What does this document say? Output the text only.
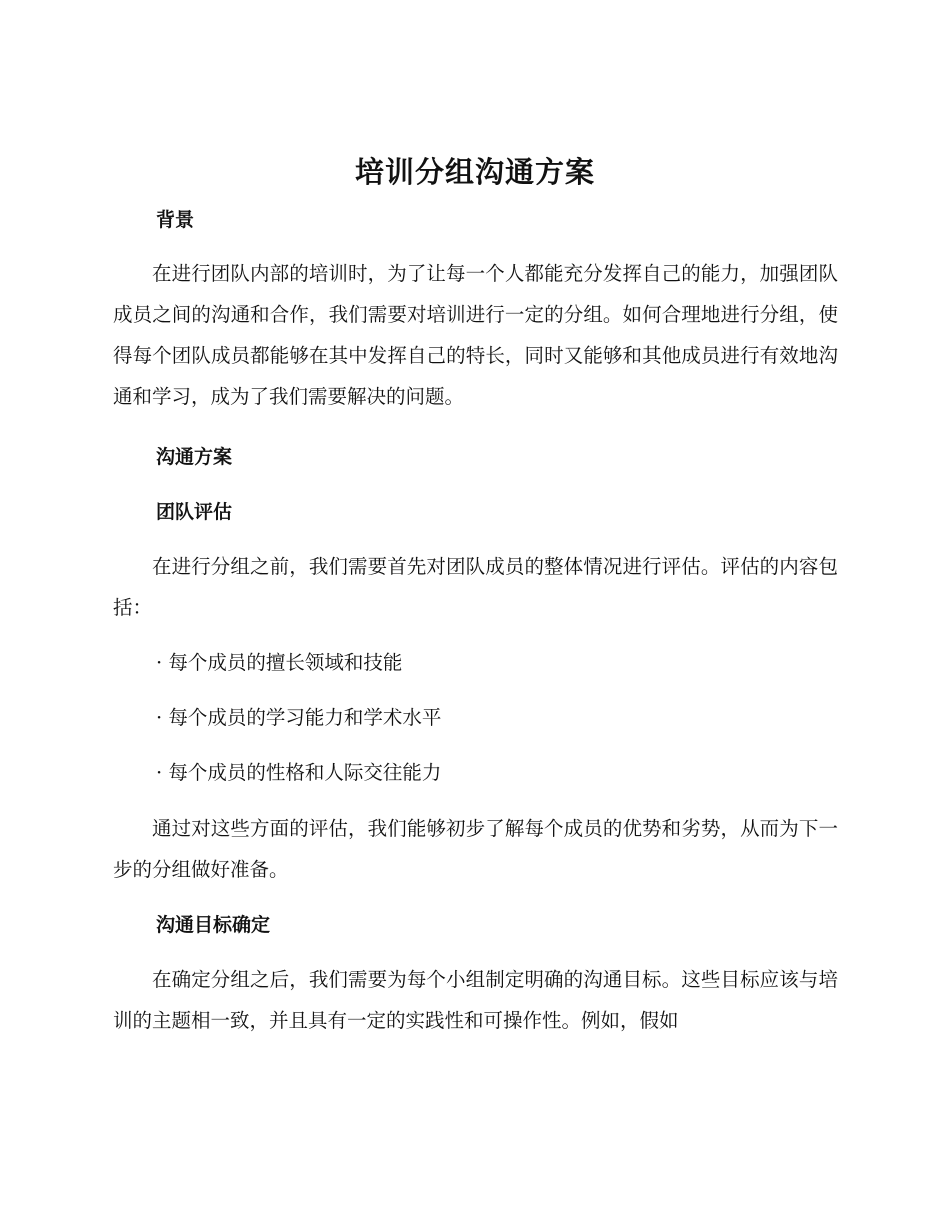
培训分组沟通方案
背景

在进行团队内部的培训时，为了让每一个人都能充分发挥自己的能力，加强团队成员之间的沟通和合作，我们需要对培训进行一定的分组。如何合理地进行分组，使得每个团队成员都能够在其中发挥自己的特长，同时又能够和其他成员进行有效地沟通和学习，成为了我们需要解决的问题。

沟通方案
团队评估

在进行分组之前，我们需要首先对团队成员的整体情况进行评估。评估的内容包括：

· 每个成员的擅长领域和技能

· 每个成员的学习能力和学术水平

· 每个成员的性格和人际交往能力

通过对这些方面的评估，我们能够初步了解每个成员的优势和劣势，从而为下一步的分组做好准备。

沟通目标确定

在确定分组之后，我们需要为每个小组制定明确的沟通目标。这些目标应该与培训的主题相一致，并且具有一定的实践性和可操作性。例如，假如
